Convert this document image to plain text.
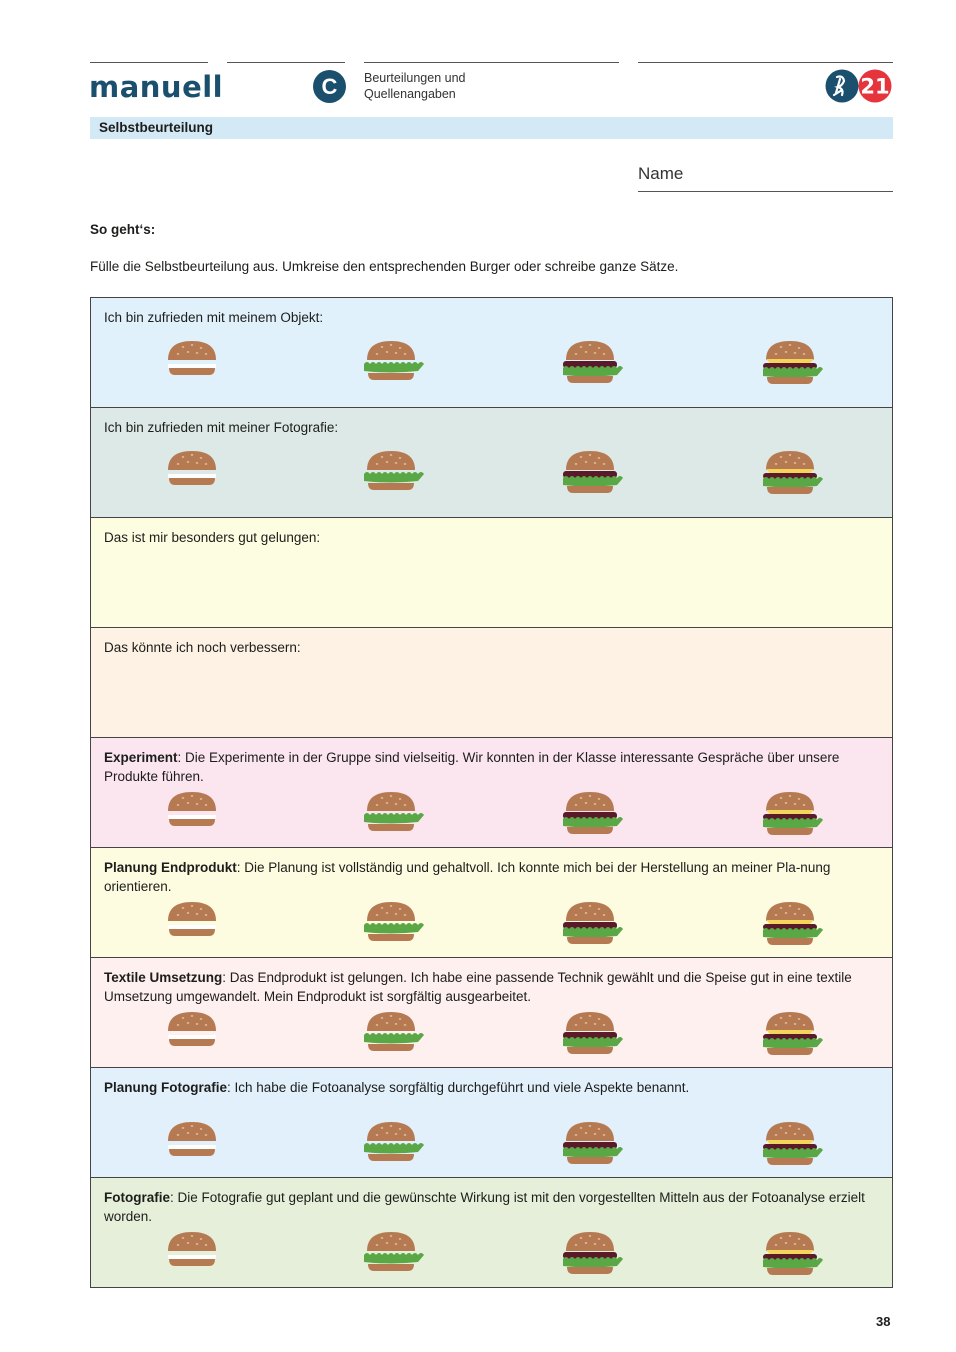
manuell	C	Beurteilungen und
Quellenangaben	21
Selbstbeurteilung
Name
So geht‘s:
Fülle die Selbstbeurteilung aus. Umkreise den entsprechenden Burger oder schreibe ganze Sätze.
Ich bin zufrieden mit meinem Objekt:
Ich bin zufrieden mit meiner Fotografie:
Das ist mir besonders gut gelungen:
Das könnte ich noch verbessern:
Experiment: Die Experimente in der Gruppe sind vielseitig. Wir konnten in der Klasse interessante Gespräche über unsere Produkte führen.
Planung Endprodukt: Die Planung ist vollständig und gehaltvoll. Ich konnte mich bei der Herstellung an meiner Pla-nung orientieren.
Textile Umsetzung: Das Endprodukt ist gelungen. Ich habe eine passende Technik gewählt und die Speise gut in eine textile Umsetzung umgewandelt. Mein Endprodukt ist sorgfältig ausgearbeitet.
Planung Fotografie: Ich habe die Fotoanalyse sorgfältig durchgeführt und viele Aspekte benannt.
Fotografie: Die Fotografie gut geplant und die gewünschte Wirkung ist mit den vorgestellten Mitteln aus der Fotoanalyse erzielt worden.
38
